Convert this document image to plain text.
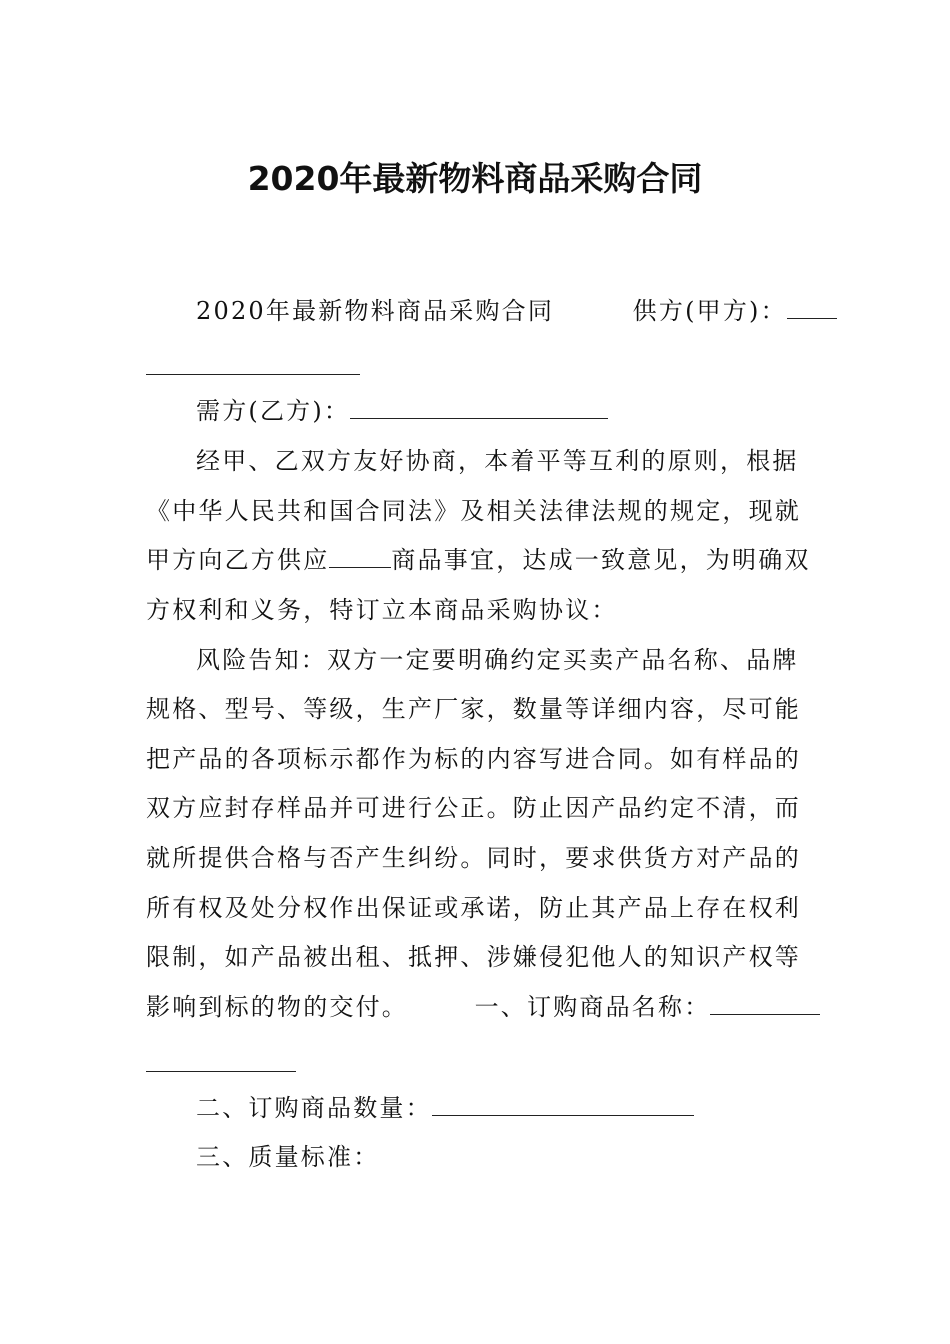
2020年最新物料商品采购合同
2020年最新物料商品采购合同　　　供方(甲方)：
需方(乙方)：
经甲、乙双方友好协商，本着平等互利的原则，根据
《中华人民共和国合同法》及相关法律法规的规定，现就
甲方向乙方供应	商品事宜，达成一致意见，为明确双
方权利和义务，特订立本商品采购协议：
风险告知：双方一定要明确约定买卖产品名称、品牌
规格、型号、等级，生产厂家，数量等详细内容，尽可能
把产品的各项标示都作为标的内容写进合同。如有样品的
双方应封存样品并可进行公正。防止因产品约定不清，而
就所提供合格与否产生纠纷。同时，要求供货方对产品的
所有权及处分权作出保证或承诺，防止其产品上存在权利
限制，如产品被出租、抵押、涉嫌侵犯他人的知识产权等
影响到标的物的交付。　　　一、订购商品名称：
二、订购商品数量：
三、质量标准：
